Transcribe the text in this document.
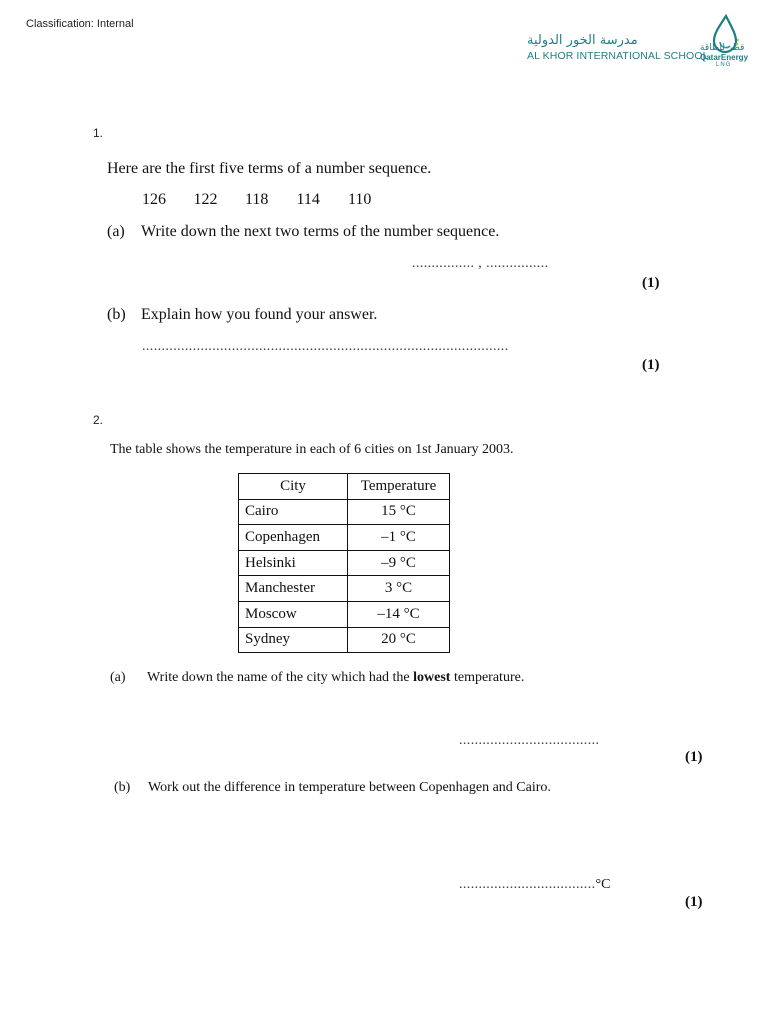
Classification: Internal
مدرسة الخور الدولية
AL KHOR INTERNATIONAL SCHOOL
قطر للطاقة
QatarEnergy
LNG
1.
Here are the first five terms of a number sequence.
126 122 118 114 110
(a) Write down the next two terms of the number sequence.
................ , ................
(1)
(b) Explain how you found your answer.
..............................................................................................
(1)
2.
The table shows the temperature in each of 6 cities on 1st January 2003.
City	Temperature
Cairo	15 °C
Copenhagen	–1 °C
Helsinki	–9 °C
Manchester	3 °C
Moscow	–14 °C
Sydney	20 °C
(a) Write down the name of the city which had the lowest temperature.
....................................
(1)
(b) Work out the difference in temperature between Copenhagen and Cairo.
...................................°C
(1)
